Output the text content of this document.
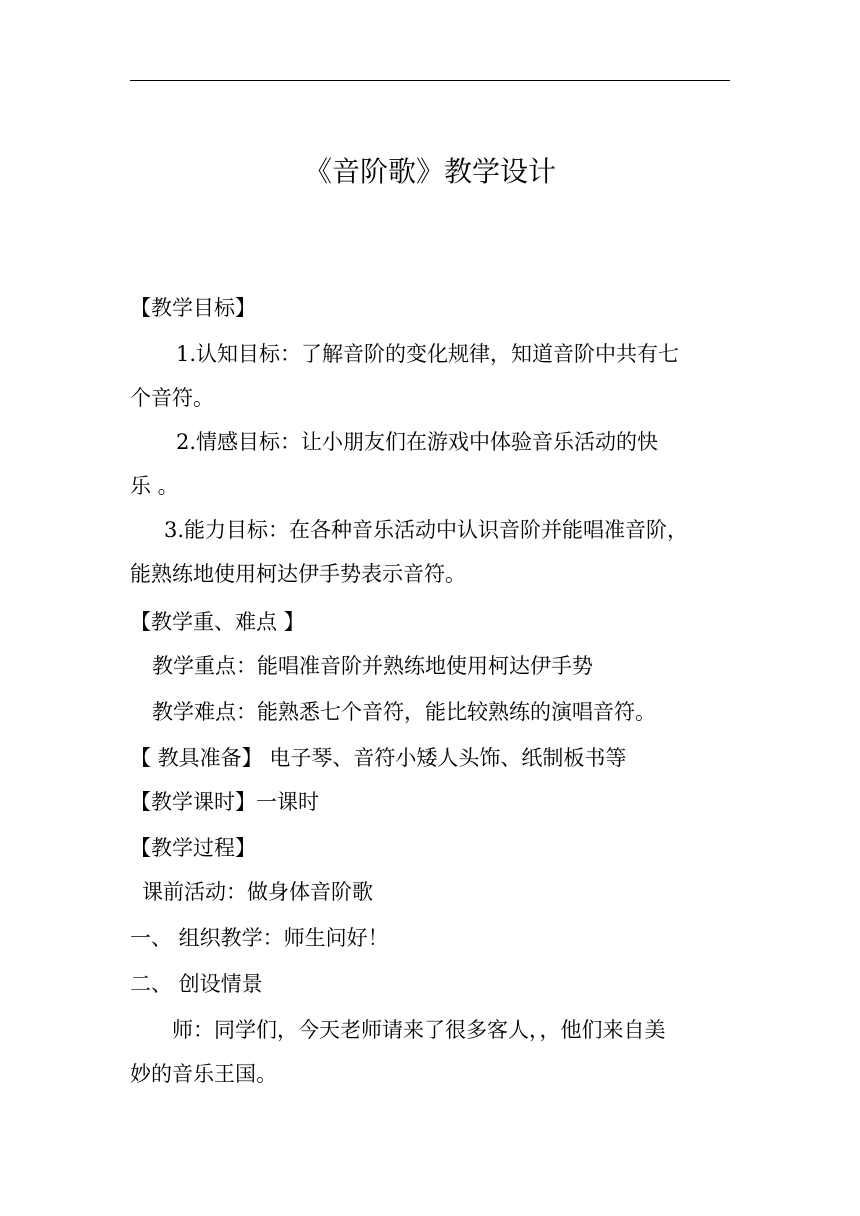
《音阶歌》教学设计
【教学目标】
1.认知目标：了解音阶的变化规律，知道音阶中共有七
个音符。
2.情感目标：让小朋友们在游戏中体验音乐活动的快
乐 。
3.能力目标：在各种音乐活动中认识音阶并能唱准音阶，
能熟练地使用柯达伊手势表示音符。
【教学重、难点 】
教学重点：能唱准音阶并熟练地使用柯达伊手势
教学难点：能熟悉七个音符，能比较熟练的演唱音符。
【 教具准备】 电子琴、音符小矮人头饰、纸制板书等
【教学课时】一课时
【教学过程】
课前活动：做身体音阶歌
一、 组织教学：师生问好！
二、 创设情景
师：同学们，今天老师请来了很多客人，，他们来自美
妙的音乐王国。
